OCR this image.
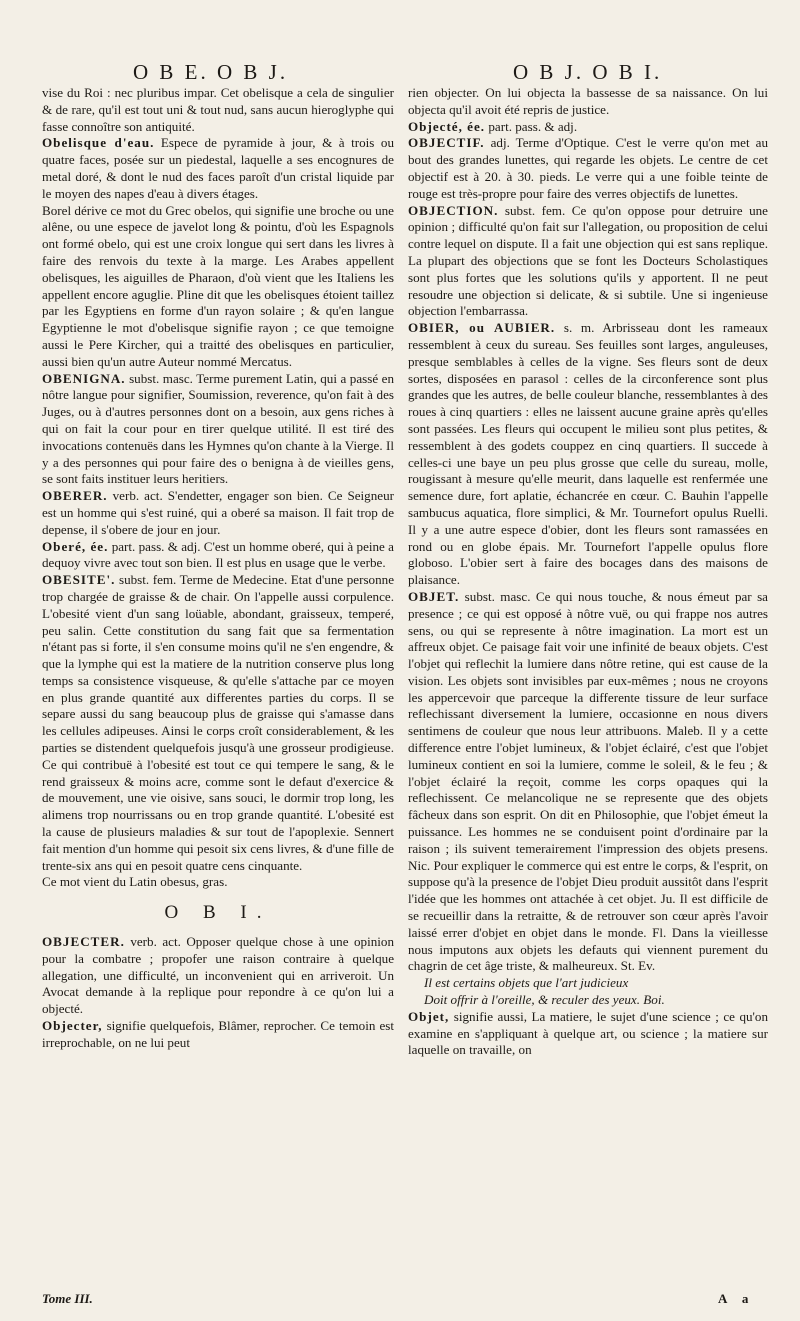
O B E. O B J.	O B J. O B I.

vise du Roi : nec pluribus impar. Cet obelisque a cela de singulier & de rare, qu'il est tout uni & tout nud, sans aucun hieroglyphe qui fasse connoître son antiquité.

Obelisque d'eau. Espece de pyramide à jour, & à trois ou quatre faces, posée sur un piedestal, laquelle a ses encognures de metal doré, & dont le nud des faces paroît d'un cristal liquide par le moyen des napes d'eau à divers étages.

Borel dérive ce mot du Grec obelos, qui signifie une broche ou une alêne, ou une espece de javelot long & pointu, d'où les Espagnols ont formé obelo, qui est une croix longue qui sert dans les livres à faire des renvois du texte à la marge. Les Arabes appellent obelisques, les aiguilles de Pharaon, d'où vient que les Italiens les appellent encore aguglie. Pline dit que les obelisques étoient taillez par les Egyptiens en forme d'un rayon solaire ; & qu'en langue Egyptienne le mot d'obelisque signifie rayon ; ce que temoigne aussi le Pere Kircher, qui a traitté des obelisques en particulier, aussi bien qu'un autre Auteur nommé Mercatus.

OBENIGNA. subst. masc. Terme purement Latin, qui a passé en nôtre langue pour signifier, Soumission, reverence, qu'on fait à des Juges, ou à d'autres personnes dont on a besoin, aux gens riches à qui on fait la cour pour en tirer quelque utilité. Il est tiré des invocations contenuës dans les Hymnes qu'on chante à la Vierge. Il y a des personnes qui pour faire des o benigna à de vieilles gens, se sont faits instituer leurs heritiers.

OBERER. verb. act. S'endetter, engager son bien. Ce Seigneur est un homme qui s'est ruiné, qui a oberé sa maison. Il fait trop de depense, il s'obere de jour en jour.

Oberé, ée. part. pass. & adj. C'est un homme oberé, qui à peine a dequoy vivre avec tout son bien. Il est plus en usage que le verbe.

OBESITE'. subst. fem. Terme de Medecine. Etat d'une personne trop chargée de graisse & de chair. On l'appelle aussi corpulence. L'obesité vient d'un sang loüable, abondant, graisseux, temperé, peu salin. Cette constitution du sang fait que sa fermentation n'étant pas si forte, il s'en consume moins qu'il ne s'en engendre, & que la lymphe qui est la matiere de la nutrition conserve plus long temps sa consistence visqueuse, & qu'elle s'attache par ce moyen en plus grande quantité aux differentes parties du corps. Il se separe aussi du sang beaucoup plus de graisse qui s'amasse dans les cellules adipeuses. Ainsi le corps croît considerablement, & les parties se distendent quelquefois jusqu'à une grosseur prodigieuse. Ce qui contribuë à l'obesité est tout ce qui tempere le sang, & le rend graisseux & moins acre, comme sont le defaut d'exercice & de mouvement, une vie oisive, sans souci, le dormir trop long, les alimens trop nourrissans ou en trop grande quantité. L'obesité est la cause de plusieurs maladies & sur tout de l'apoplexie. Sennert fait mention d'un homme qui pesoit six cens livres, & d'une fille de trente-six ans qui en pesoit quatre cens cinquante.

Ce mot vient du Latin obesus, gras.

O B I.

OBJECTER. verb. act. Opposer quelque chose à une opinion pour la combatre ; propofer une raison contraire à quelque allegation, une difficulté, un inconvenient qui en arriveroit. Un Avocat demande à la replique pour repondre à ce qu'on lui a objecté.

Objecter, signifie quelquefois, Blâmer, reprocher. Ce temoin est irreprochable, on ne lui peut

rien objecter. On lui objecta la bassesse de sa naissance. On lui objecta qu'il avoit été repris de justice.

Objecté, ée. part. pass. & adj.

OBJECTIF. adj. Terme d'Optique. C'est le verre qu'on met au bout des grandes lunettes, qui regarde les objets. Le centre de cet objectif est à 20. à 30. pieds. Le verre qui a une foible teinte de rouge est très-propre pour faire des verres objectifs de lunettes.

OBJECTION. subst. fem. Ce qu'on oppose pour detruire une opinion ; difficulté qu'on fait sur l'allegation, ou proposition de celui contre lequel on dispute. Il a fait une objection qui est sans replique. La plupart des objections que se font les Docteurs Scholastiques sont plus fortes que les solutions qu'ils y apportent. Il ne peut resoudre une objection si delicate, & si subtile. Une si ingenieuse objection l'embarrassa.

OBIER, ou AUBIER. s. m. Arbrisseau dont les rameaux ressemblent à ceux du sureau. Ses feuilles sont larges, anguleuses, presque semblables à celles de la vigne. Ses fleurs sont de deux sortes, disposées en parasol : celles de la circonference sont plus grandes que les autres, de belle couleur blanche, ressemblantes à des roues à cinq quartiers : elles ne laissent aucune graine après qu'elles sont passées. Les fleurs qui occupent le milieu sont plus petites, & ressemblent à des godets couppez en cinq quartiers. Il succede à celles-ci une baye un peu plus grosse que celle du sureau, molle, rougissant à mesure qu'elle meurit, dans laquelle est renfermée une semence dure, fort aplatie, échancrée en cœur. C. Bauhin l'appelle sambucus aquatica, flore simplici, & Mr. Tournefort opulus Ruelli. Il y a une autre espece d'obier, dont les fleurs sont ramassées en rond ou en globe épais. Mr. Tournefort l'appelle opulus flore globoso. L'obier sert à faire des bocages dans des maisons de plaisance.

OBJET. subst. masc. Ce qui nous touche, & nous émeut par sa presence ; ce qui est opposé à nôtre vuë, ou qui frappe nos autres sens, ou qui se represente à nôtre imagination. La mort est un affreux objet. Ce paisage fait voir une infinité de beaux objets. C'est l'objet qui reflechit la lumiere dans nôtre retine, qui est cause de la vision. Les objets sont invisibles par eux-mêmes ; nous ne croyons les appercevoir que parceque la differente tissure de leur surface reflechissant diversement la lumiere, occasionne en nous divers sentimens de couleur que nous leur attribuons. Maleb. Il y a cette difference entre l'objet lumineux, & l'objet éclairé, c'est que l'objet lumineux contient en soi la lumiere, comme le soleil, & le feu ; & l'objet éclairé la reçoit, comme les corps opaques qui la reflechissent. Ce melancolique ne se represente que des objets fâcheux dans son esprit. On dit en Philosophie, que l'objet émeut la puissance. Les hommes ne se conduisent point d'ordinaire par la raison ; ils suivent temerairement l'impression des objets presens. Nic. Pour expliquer le commerce qui est entre le corps, & l'esprit, on suppose qu'à la presence de l'objet Dieu produit aussitôt dans l'esprit l'idée que les hommes ont attachée à cet objet. Ju. Il est difficile de se recueillir dans la retraitte, & de retrouver son cœur après l'avoir laissé errer d'objet en objet dans le monde. Fl. Dans la vieillesse nous imputons aux objets les defauts qui viennent purement du chagrin de cet âge triste, & malheureux. St. Ev.

Il est certains objets que l'art judicieux

Doit offrir à l'oreille, & reculer des yeux. Boi.

Objet, signifie aussi, La matiere, le sujet d'une science ; ce qu'on examine en s'appliquant à quelque art, ou science ; la matiere sur laquelle on travaille, on

Tome III.	A a
